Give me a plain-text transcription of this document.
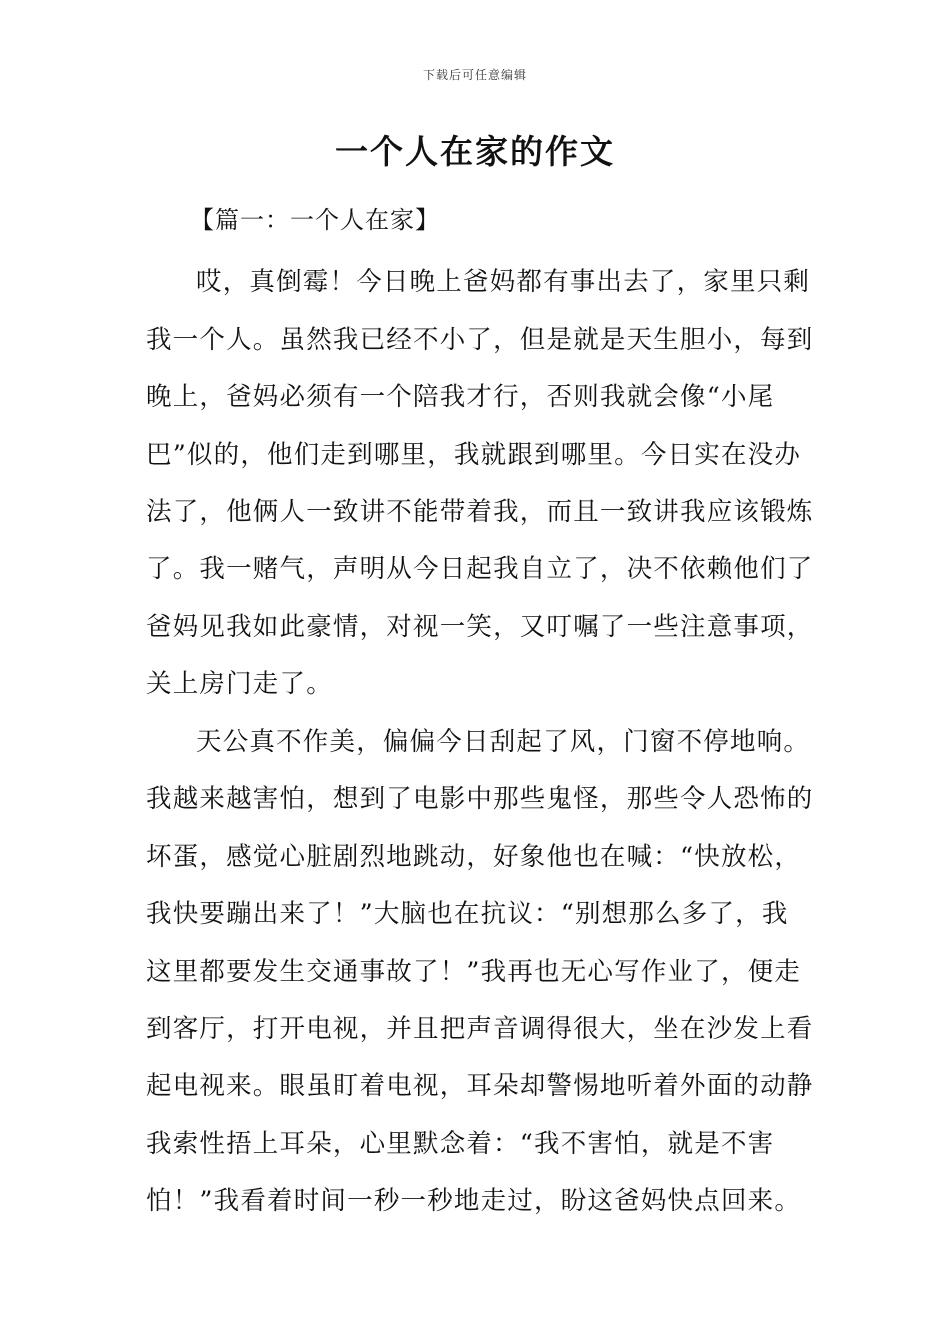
下载后可任意编辑
一个人在家的作文
【篇一：一个人在家】
哎，真倒霉！今日晚上爸妈都有事出去了，家里只剩
我一个人。虽然我已经不小了，但是就是天生胆小，每到
晚上，爸妈必须有一个陪我才行，否则我就会像“小尾
巴”似的，他们走到哪里，我就跟到哪里。今日实在没办
法了，他俩人一致讲不能带着我，而且一致讲我应该锻炼
了。我一赌气，声明从今日起我自立了，决不依赖他们了
爸妈见我如此豪情，对视一笑，又叮嘱了一些注意事项，
关上房门走了。
天公真不作美，偏偏今日刮起了风，门窗不停地响。
我越来越害怕，想到了电影中那些鬼怪，那些令人恐怖的
坏蛋，感觉心脏剧烈地跳动，好象他也在喊：“快放松，
我快要蹦出来了！”大脑也在抗议：“别想那么多了，我
这里都要发生交通事故了！”我再也无心写作业了，便走
到客厅，打开电视，并且把声音调得很大，坐在沙发上看
起电视来。眼虽盯着电视，耳朵却警惕地听着外面的动静
我索性捂上耳朵，心里默念着：“我不害怕，就是不害
怕！”我看着时间一秒一秒地走过，盼这爸妈快点回来。
